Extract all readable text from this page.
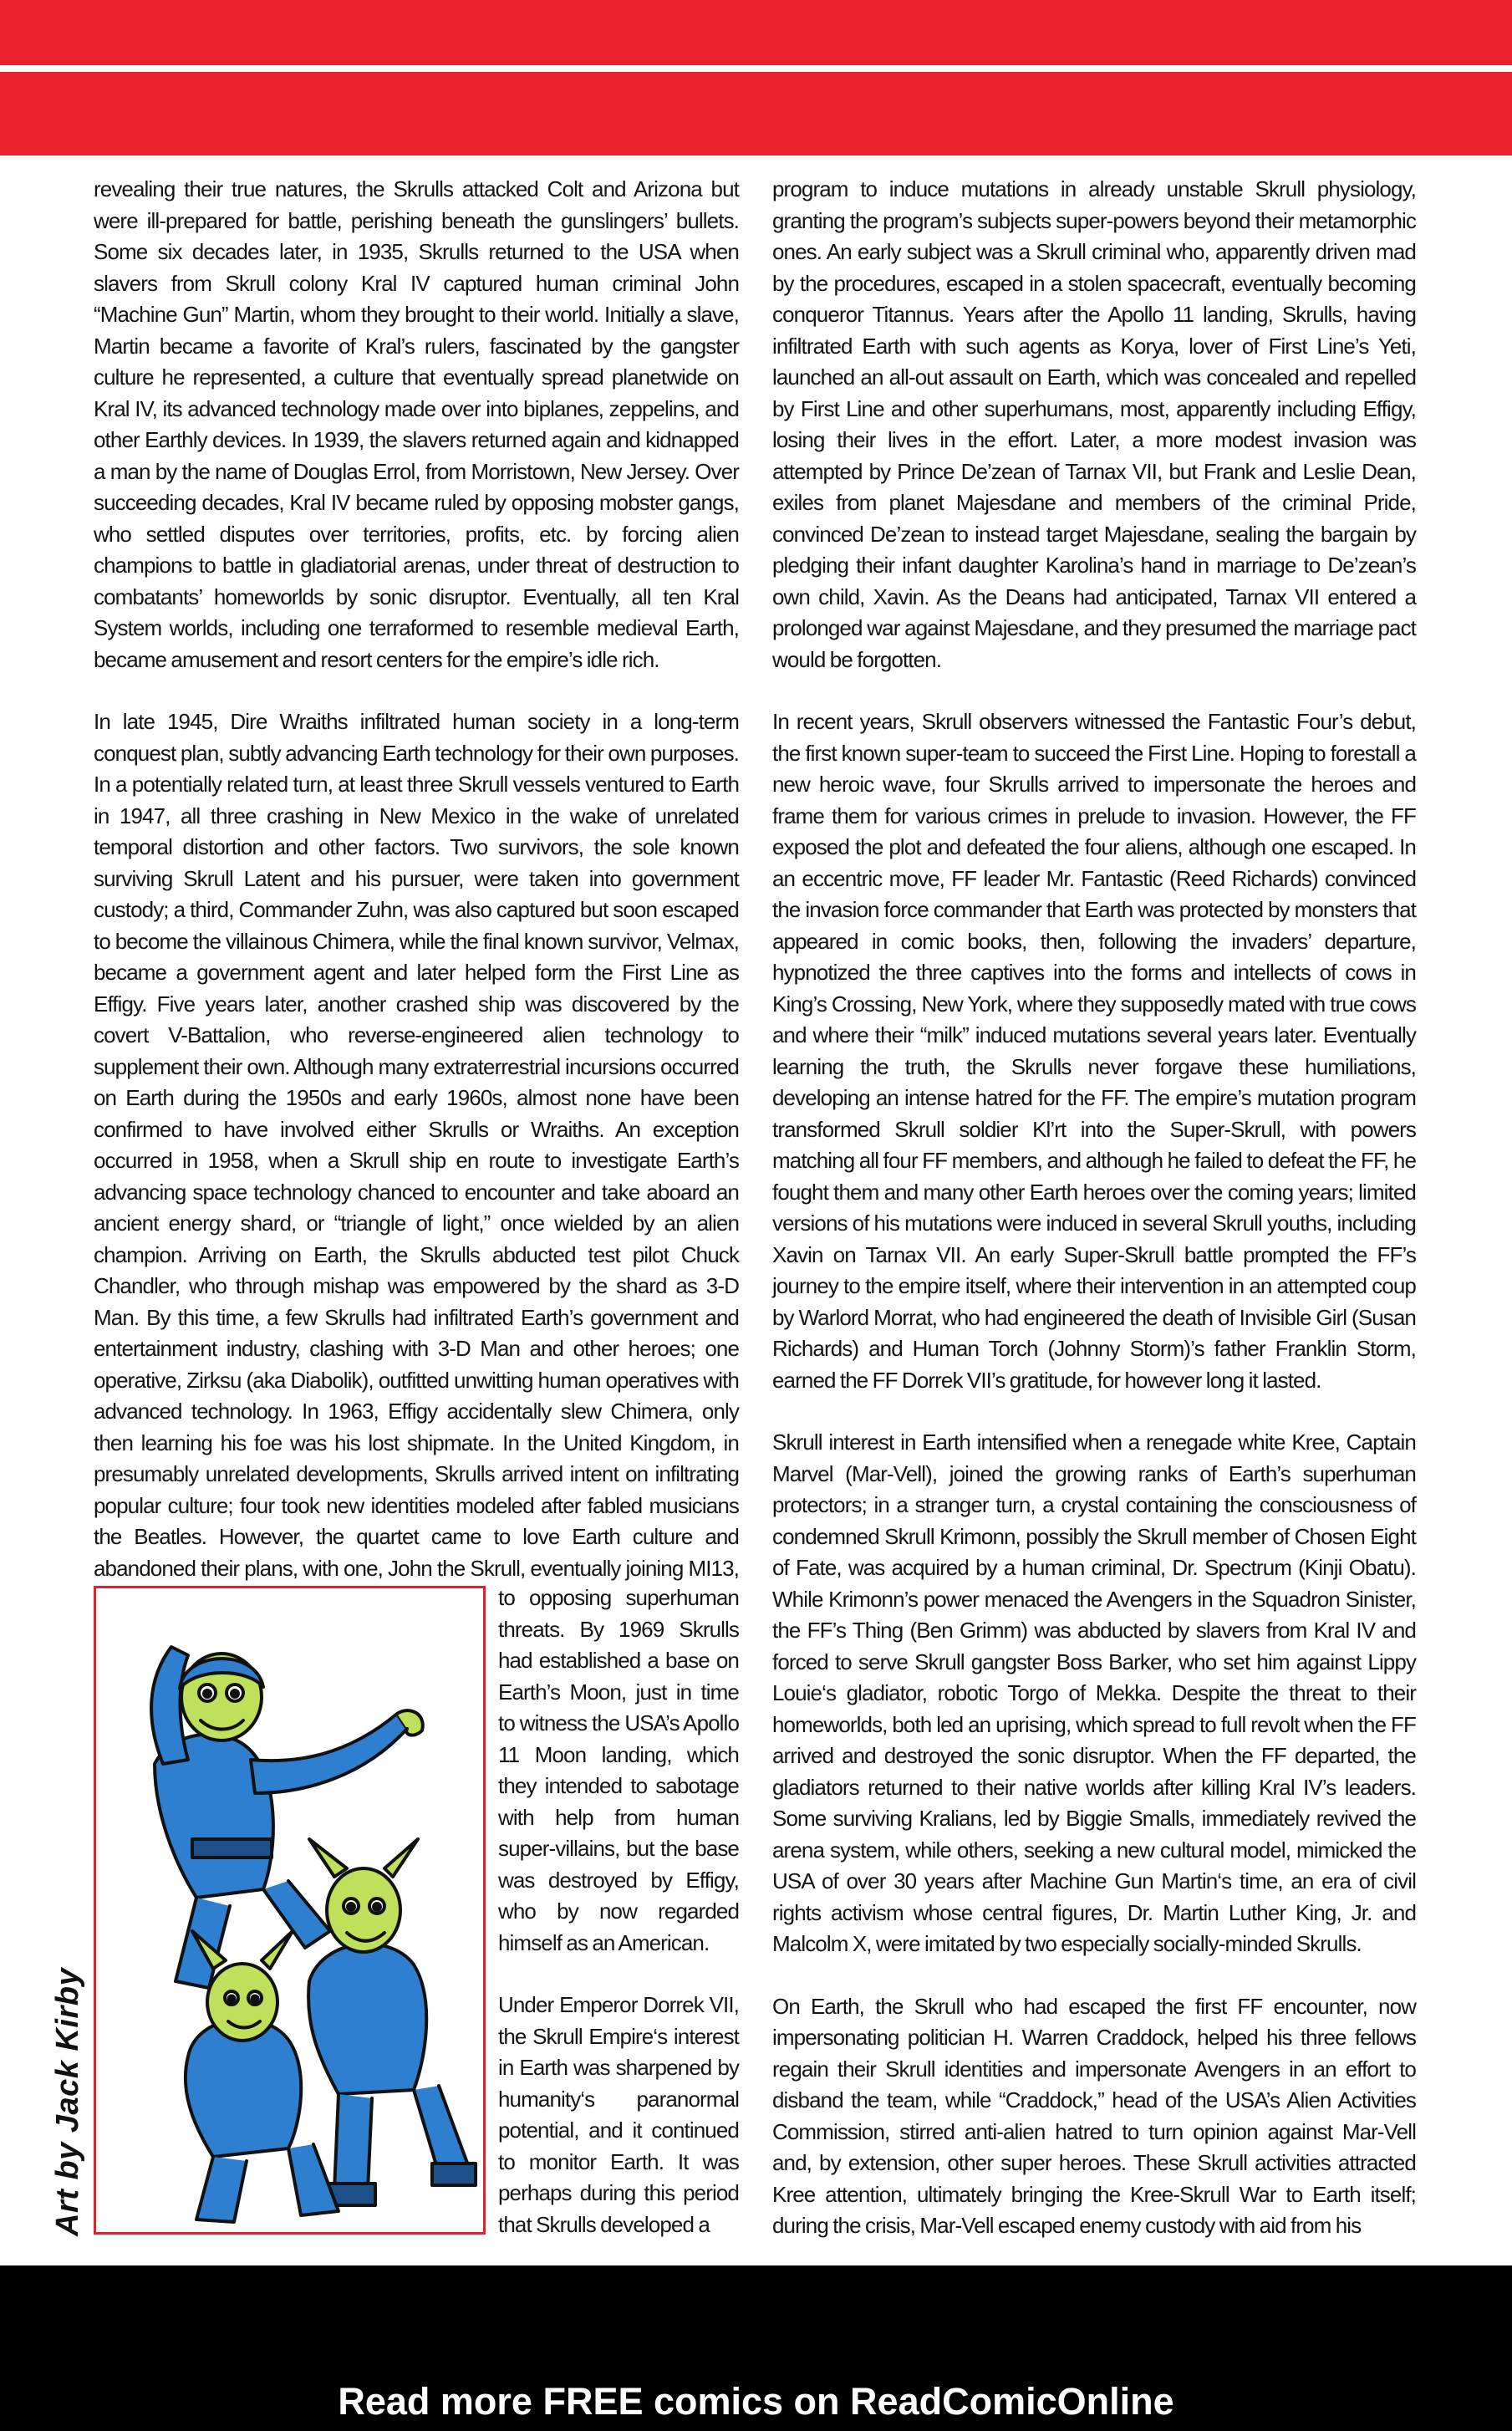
revealing their true natures, the Skrulls attacked Colt and Arizona but were ill-prepared for battle, perishing beneath the gunslingers’ bullets. Some six decades later, in 1935, Skrulls returned to the USA when slavers from Skrull colony Kral IV captured human criminal John “Machine Gun” Martin, whom they brought to their world. Initially a slave, Martin became a favorite of Kral’s rulers, fascinated by the gangster culture he represented, a culture that eventually spread planetwide on Kral IV, its advanced technology made over into biplanes, zeppelins, and other Earthly devices. In 1939, the slavers returned again and kidnapped a man by the name of Douglas Errol, from Morristown, New Jersey. Over succeeding decades, Kral IV became ruled by opposing mobster gangs, who settled disputes over territories, profits, etc. by forcing alien champions to battle in gladiatorial arenas, under threat of destruction to combatants’ homeworlds by sonic disruptor. Eventually, all ten Kral System worlds, including one terraformed to resemble medieval Earth, became amusement and resort centers for the empire’s idle rich.

In late 1945, Dire Wraiths infiltrated human society in a long-term conquest plan, subtly advancing Earth technology for their own purposes. In a potentially related turn, at least three Skrull vessels ventured to Earth in 1947, all three crashing in New Mexico in the wake of unrelated temporal distortion and other factors. Two survivors, the sole known surviving Skrull Latent and his pursuer, were taken into government custody; a third, Commander Zuhn, was also captured but soon escaped to become the villainous Chimera, while the final known survivor, Velmax, became a government agent and later helped form the First Line as Effigy. Five years later, another crashed ship was discovered by the covert V-Battalion, who reverse-engineered alien technology to supplement their own. Although many extraterrestrial incursions occurred on Earth during the 1950s and early 1960s, almost none have been confirmed to have involved either Skrulls or Wraiths. An exception occurred in 1958, when a Skrull ship en route to investigate Earth’s advancing space technology chanced to encounter and take aboard an ancient energy shard, or “triangle of light,” once wielded by an alien champion. Arriving on Earth, the Skrulls abducted test pilot Chuck Chandler, who through mishap was empowered by the shard as 3-D Man. By this time, a few Skrulls had infiltrated Earth’s government and entertainment industry, clashing with 3-D Man and other heroes; one operative, Zirksu (aka Diabolik), outfitted unwitting human operatives with advanced technology. In 1963, Effigy accidentally slew Chimera, only then learning his foe was his lost shipmate. In the United Kingdom, in presumably unrelated developments, Skrulls arrived intent on infiltrating popular culture; four took new identities modeled after fabled musicians the Beatles. However, the quartet came to love Earth culture and abandoned their plans, with one, John the Skrull, eventually joining MI13,

Art by Jack Kirby

to opposing superhuman threats. By 1969 Skrulls had established a base on Earth’s Moon, just in time to witness the USA’s Apollo 11 Moon landing, which they intended to sabotage with help from human super-villains, but the base was destroyed by Effigy, who by now regarded himself as an American.

Under Emperor Dorrek VII, the Skrull Empire‘s interest in Earth was sharpened by humanity‘s paranormal potential, and it continued to monitor Earth. It was perhaps during this period that Skrulls developed a

program to induce mutations in already unstable Skrull physiology, granting the program’s subjects super-powers beyond their metamorphic ones. An early subject was a Skrull criminal who, apparently driven mad by the procedures, escaped in a stolen spacecraft, eventually becoming conqueror Titannus. Years after the Apollo 11 landing, Skrulls, having infiltrated Earth with such agents as Korya, lover of First Line’s Yeti, launched an all-out assault on Earth, which was concealed and repelled by First Line and other superhumans, most, apparently including Effigy, losing their lives in the effort. Later, a more modest invasion was attempted by Prince De’zean of Tarnax VII, but Frank and Leslie Dean, exiles from planet Majesdane and members of the criminal Pride, convinced De’zean to instead target Majesdane, sealing the bargain by pledging their infant daughter Karolina’s hand in marriage to De’zean’s own child, Xavin. As the Deans had anticipated, Tarnax VII entered a prolonged war against Majesdane, and they presumed the marriage pact would be forgotten.

In recent years, Skrull observers witnessed the Fantastic Four’s debut, the first known super-team to succeed the First Line. Hoping to forestall a new heroic wave, four Skrulls arrived to impersonate the heroes and frame them for various crimes in prelude to invasion. However, the FF exposed the plot and defeated the four aliens, although one escaped. In an eccentric move, FF leader Mr. Fantastic (Reed Richards) convinced the invasion force commander that Earth was protected by monsters that appeared in comic books, then, following the invaders’ departure, hypnotized the three captives into the forms and intellects of cows in King’s Crossing, New York, where they supposedly mated with true cows and where their “milk” induced mutations several years later. Eventually learning the truth, the Skrulls never forgave these humiliations, developing an intense hatred for the FF. The empire’s mutation program transformed Skrull soldier Kl’rt into the Super-Skrull, with powers matching all four FF members, and although he failed to defeat the FF, he fought them and many other Earth heroes over the coming years; limited versions of his mutations were induced in several Skrull youths, including Xavin on Tarnax VII. An early Super-Skrull battle prompted the FF’s journey to the empire itself, where their intervention in an attempted coup by Warlord Morrat, who had engineered the death of Invisible Girl (Susan Richards) and Human Torch (Johnny Storm)’s father Franklin Storm, earned the FF Dorrek VII’s gratitude, for however long it lasted.

Skrull interest in Earth intensified when a renegade white Kree, Captain Marvel (Mar-Vell), joined the growing ranks of Earth’s superhuman protectors; in a stranger turn, a crystal containing the consciousness of condemned Skrull Krimonn, possibly the Skrull member of Chosen Eight of Fate, was acquired by a human criminal, Dr. Spectrum (Kinji Obatu). While Krimonn’s power menaced the Avengers in the Squadron Sinister, the FF’s Thing (Ben Grimm) was abducted by slavers from Kral IV and forced to serve Skrull gangster Boss Barker, who set him against Lippy Louie‘s gladiator, robotic Torgo of Mekka. Despite the threat to their homeworlds, both led an uprising, which spread to full revolt when the FF arrived and destroyed the sonic disruptor. When the FF departed, the gladiators returned to their native worlds after killing Kral IV’s leaders. Some surviving Kralians, led by Biggie Smalls, immediately revived the arena system, while others, seeking a new cultural model, mimicked the USA of over 30 years after Machine Gun Martin‘s time, an era of civil rights activism whose central figures, Dr. Martin Luther King, Jr. and Malcolm X, were imitated by two especially socially-minded Skrulls.

On Earth, the Skrull who had escaped the first FF encounter, now impersonating politician H. Warren Craddock, helped his three fellows regain their Skrull identities and impersonate Avengers in an effort to disband the team, while “Craddock,” head of the USA’s Alien Activities Commission, stirred anti-alien hatred to turn opinion against Mar-Vell and, by extension, other super heroes. These Skrull activities attracted Kree attention, ultimately bringing the Kree-Skrull War to Earth itself; during the crisis, Mar-Vell escaped enemy custody with aid from his

Read more FREE comics on ReadComicOnline
